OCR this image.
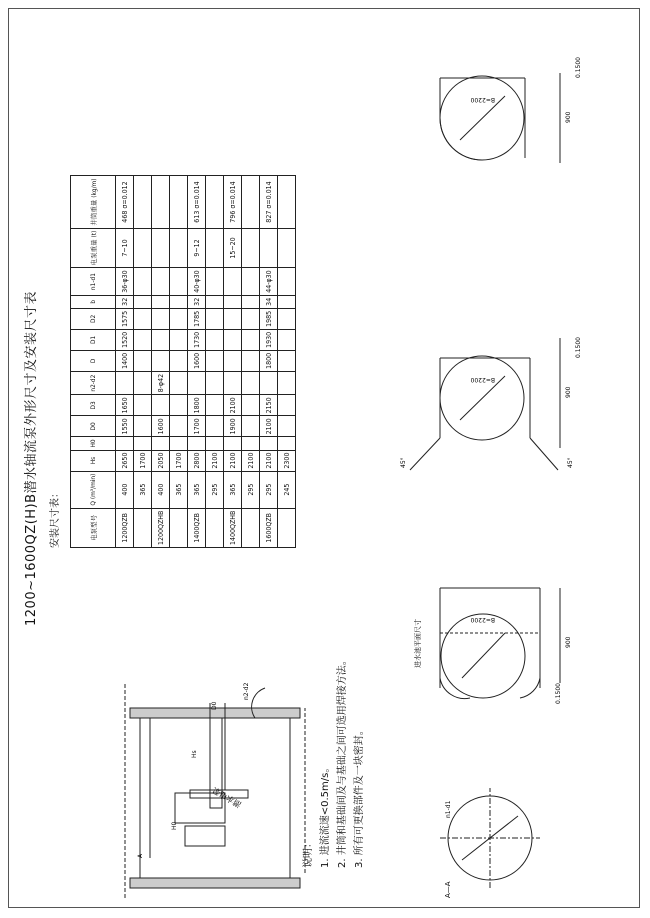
1200~1600QZ(H)B潜水轴流泵外形尺寸及安装尺寸表	安装尺寸表：	电泵型号	Q (m³/min)	Hs	H0	D0	D3	n2-d2	D	D1	D2	b	n1-d1	电泵重量 (t)	井筒重量 (kg/m)
1200QZB	400	2650		1550	1650		1400	1520	1575	32	36-φ30	7~10	468 σ=0.012
	365	1700											
1200QZHB	400	2050		1600		8-φ42							
	365	1700											
1400QZB	365	2800		1700	1800		1600	1730	1785	32	40-φ30	9~12	613 σ=0.014
	295	2100											
1400QZHB	365	2100		1900	2100							15~20	796 σ=0.014
	295	2100											
1600QZB	295	2100		2100	2150		1800	1930	1985	34	44-φ30		827 σ=0.014
	245	2300											
说明： 1. 进流流速<0.5m/s。 2. 井筒和基础间及与基础之间可选用焊接方法。 3. 所有可更换部件及一块密封。
潜水电泵
Hs
H0
D0
n2-d2
A
A—A
n1-d1
900
B=2200
0.1500
进水池平面尺寸
900
45°	45°
B=2200
0.1500
900
B=2200
0.1500
